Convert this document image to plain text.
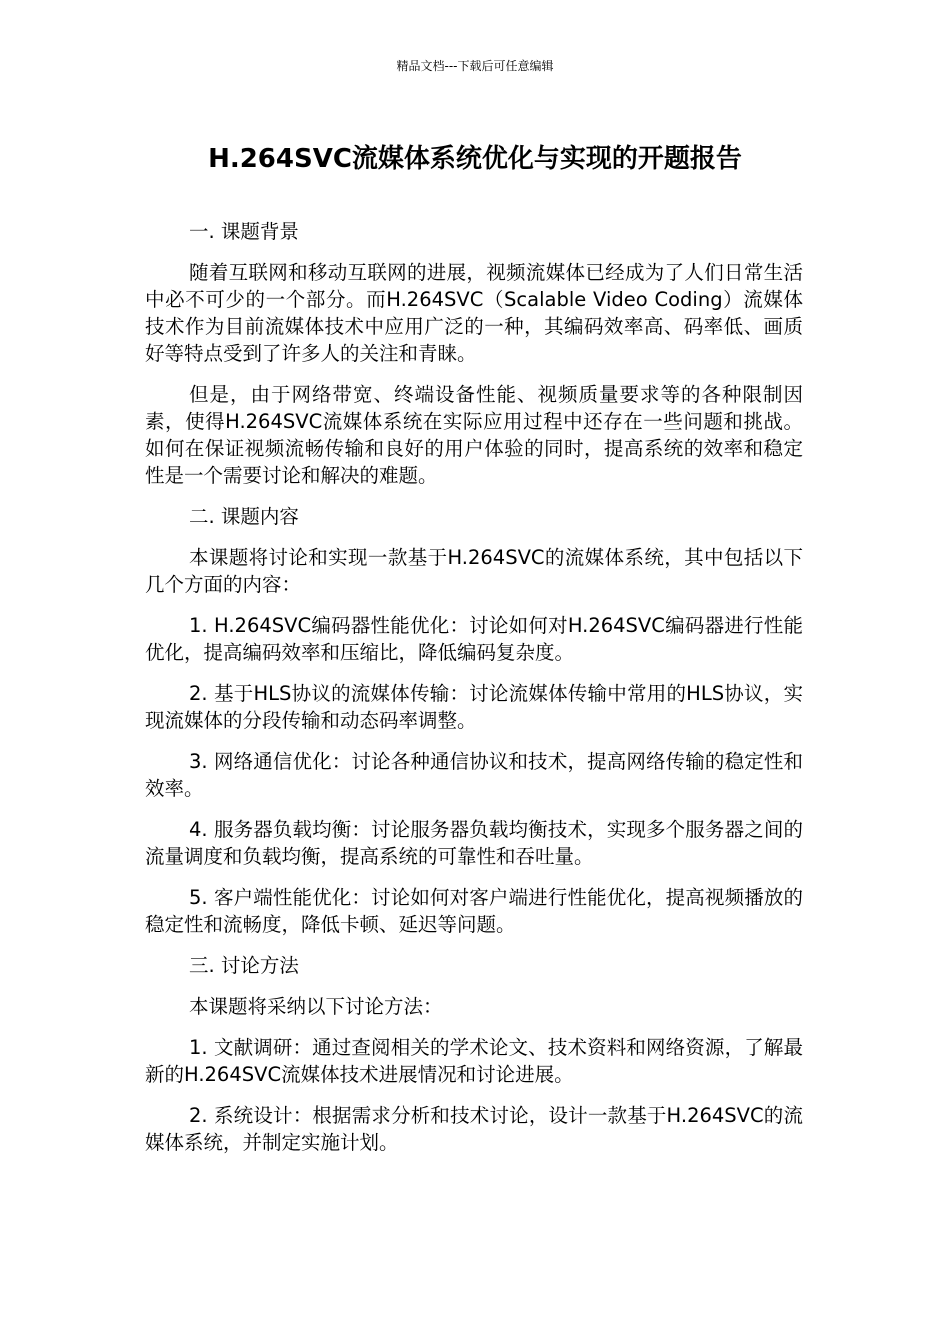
精品文档---下载后可任意编辑
H.264SVC流媒体系统优化与实现的开题报告

一. 课题背景

随着互联网和移动互联网的进展，视频流媒体已经成为了人们日常生活中必不可少的一个部分。而H.264SVC（Scalable Video Coding）流媒体技术作为目前流媒体技术中应用广泛的一种，其编码效率高、码率低、画质好等特点受到了许多人的关注和青睐。

但是，由于网络带宽、终端设备性能、视频质量要求等的各种限制因素，使得H.264SVC流媒体系统在实际应用过程中还存在一些问题和挑战。如何在保证视频流畅传输和良好的用户体验的同时，提高系统的效率和稳定性是一个需要讨论和解决的难题。

二. 课题内容

本课题将讨论和实现一款基于H.264SVC的流媒体系统，其中包括以下几个方面的内容：

1. H.264SVC编码器性能优化：讨论如何对H.264SVC编码器进行性能优化，提高编码效率和压缩比，降低编码复杂度。

2. 基于HLS协议的流媒体传输：讨论流媒体传输中常用的HLS协议，实现流媒体的分段传输和动态码率调整。

3. 网络通信优化：讨论各种通信协议和技术，提高网络传输的稳定性和效率。

4. 服务器负载均衡：讨论服务器负载均衡技术，实现多个服务器之间的流量调度和负载均衡，提高系统的可靠性和吞吐量。

5. 客户端性能优化：讨论如何对客户端进行性能优化，提高视频播放的稳定性和流畅度，降低卡顿、延迟等问题。

三. 讨论方法

本课题将采纳以下讨论方法：

1. 文献调研：通过查阅相关的学术论文、技术资料和网络资源，了解最新的H.264SVC流媒体技术进展情况和讨论进展。

2. 系统设计：根据需求分析和技术讨论，设计一款基于H.264SVC的流媒体系统，并制定实施计划。
